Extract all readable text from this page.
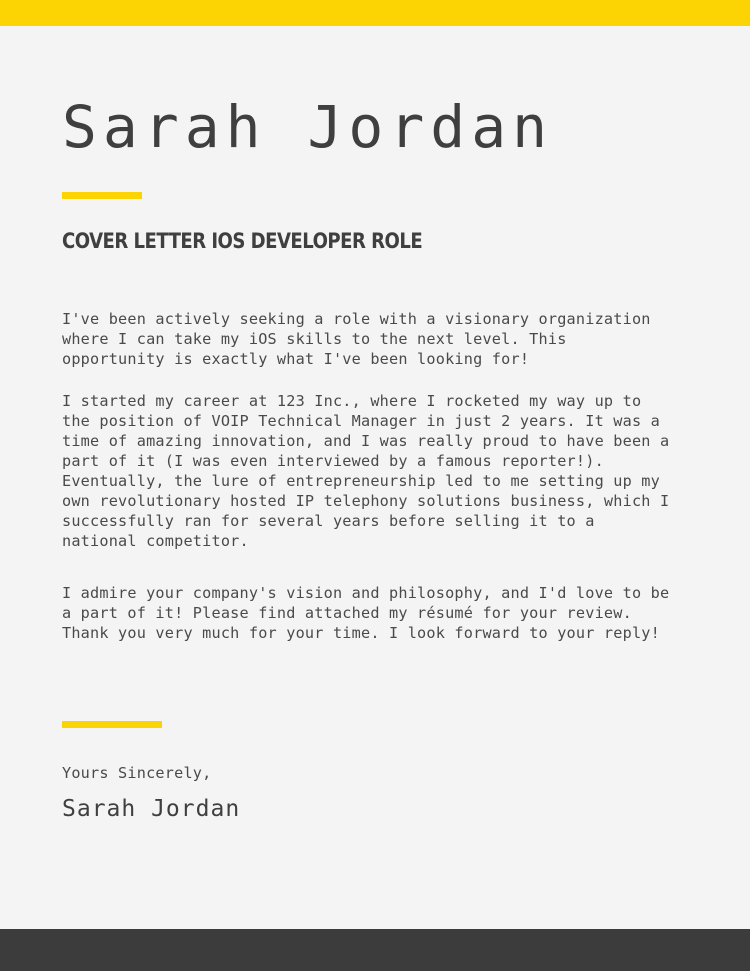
Sarah Jordan
COVER LETTER IOS DEVELOPER ROLE

I've been actively seeking a role with a visionary organization where I can take my iOS skills to the next level. This opportunity is exactly what I've been looking for!

I started my career at 123 Inc., where I rocketed my way up to the position of VOIP Technical Manager in just 2 years. It was a time of amazing innovation, and I was really proud to have been a part of it (I was even interviewed by a famous reporter!). Eventually, the lure of entrepreneurship led to me setting up my own revolutionary hosted IP telephony solutions business, which I successfully ran for several years before selling it to a national competitor.

I admire your company's vision and philosophy, and I'd love to be a part of it! Please find attached my résumé for your review. Thank you very much for your time. I look forward to your reply!

Yours Sincerely,

Sarah Jordan
